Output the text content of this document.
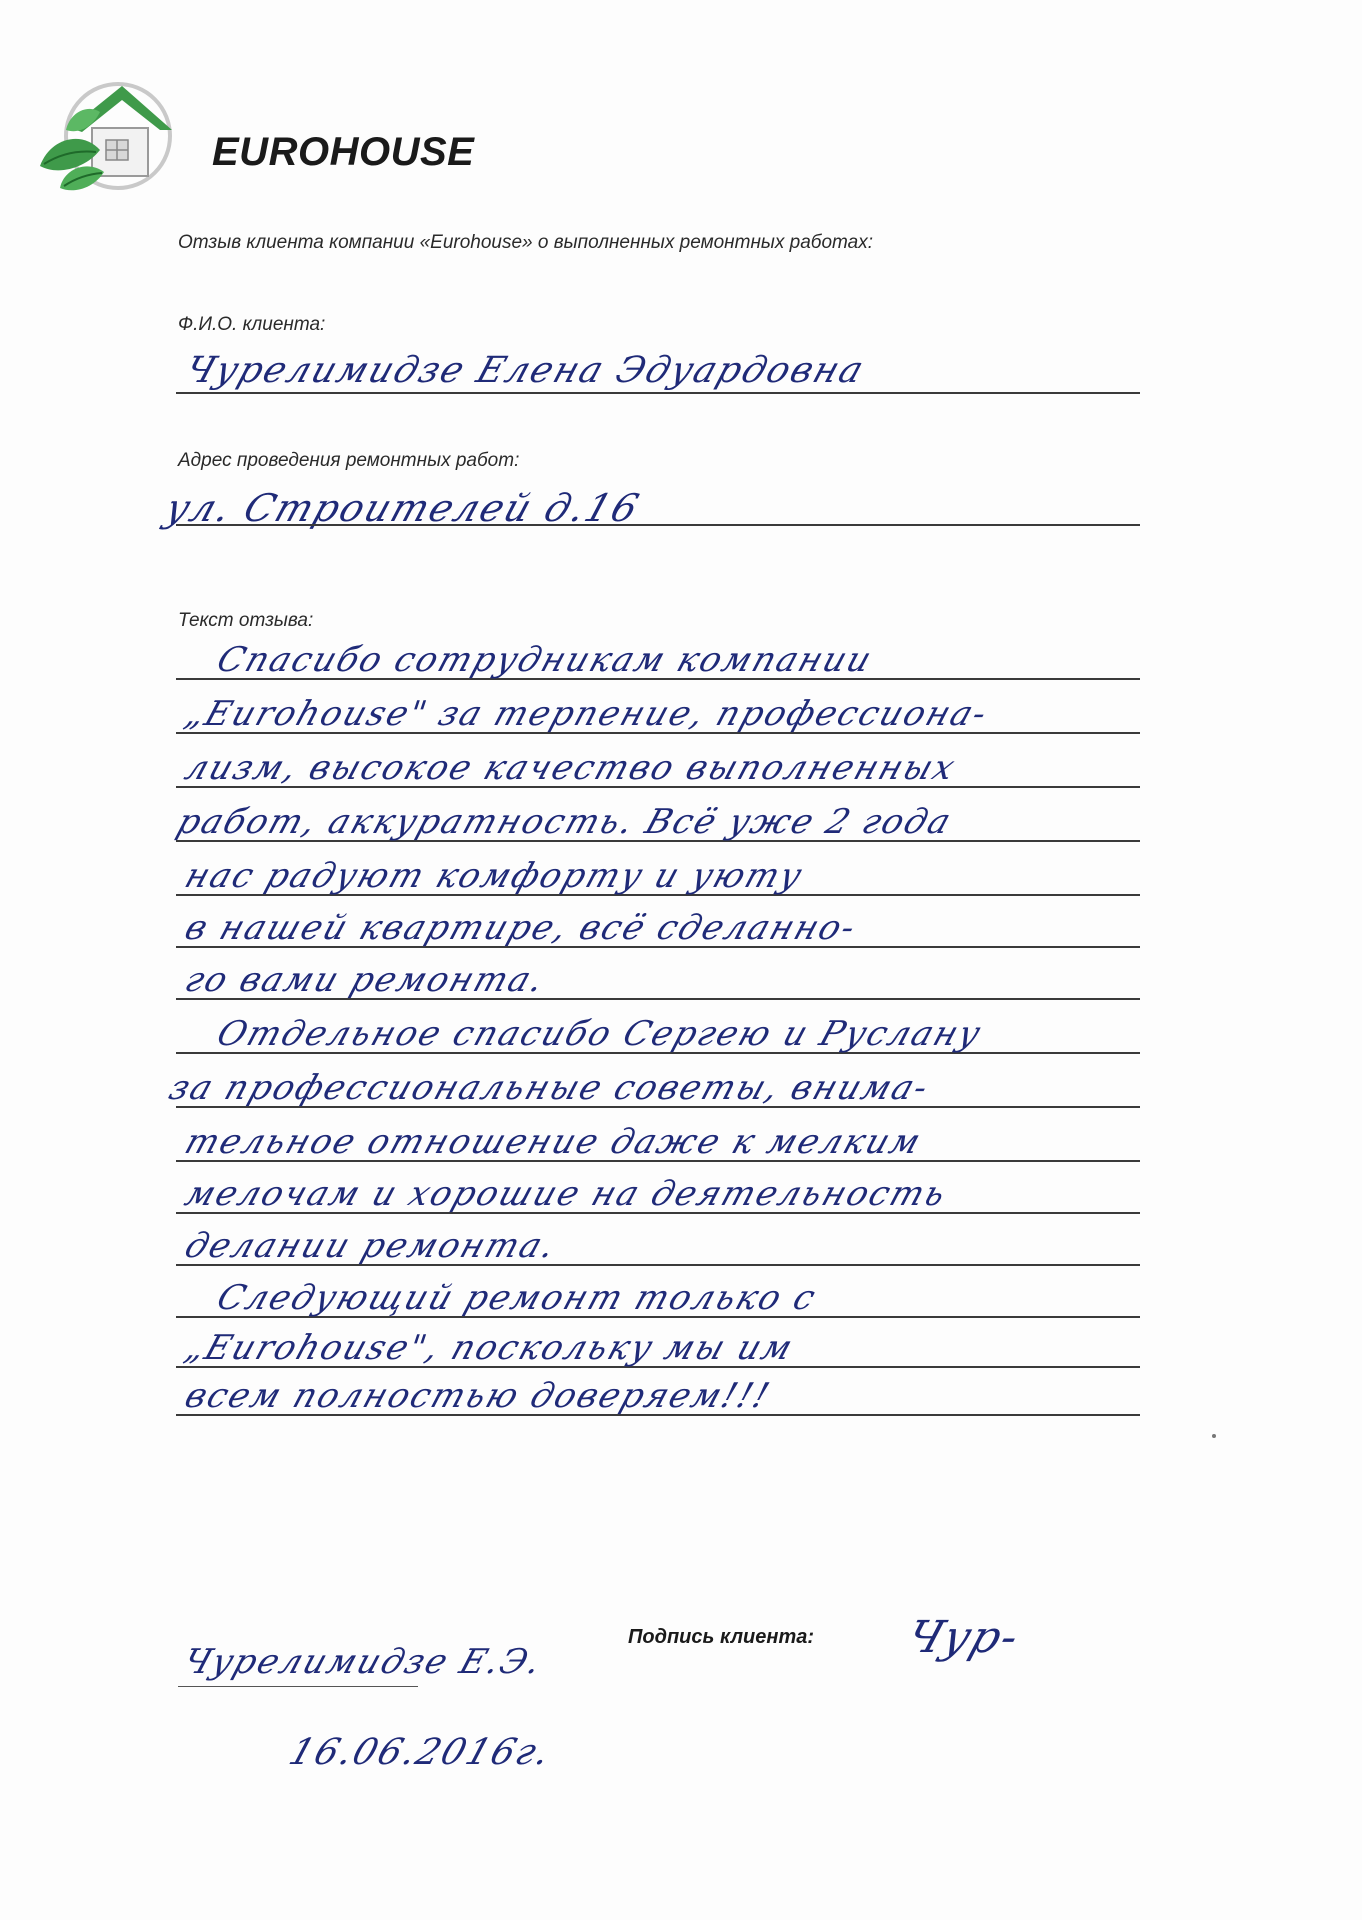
EUROHOUSE
Отзыв клиента компании «Eurohouse» о выполненных ремонтных работах:
Ф.И.О. клиента:
Чурелимидзе Елена Эдуардовна
Адрес проведения ремонтных работ:
ул. Строителей д.16
Текст отзыва:
Спасибо сотрудникам компании
„Eurohouse" за терпение, профессиона-
лизм, высокое качество выполненных
работ, аккуратность. Всё уже 2 года
нас радуют комфорту и уюту
в нашей квартире, всё сделанно-
го вами ремонта.
Отдельное спасибо Сергею и Руслану
за профессиональные советы, внима-
тельное отношение даже к мелким
мелочам и хорошие на деятельность
делании ремонта.
Следующий ремонт только с
„Eurohouse", поскольку мы им
всем полностью доверяем!!!
Чурелимидзе Е.Э.
Подпись клиента: Чур-
16.06.2016г.
